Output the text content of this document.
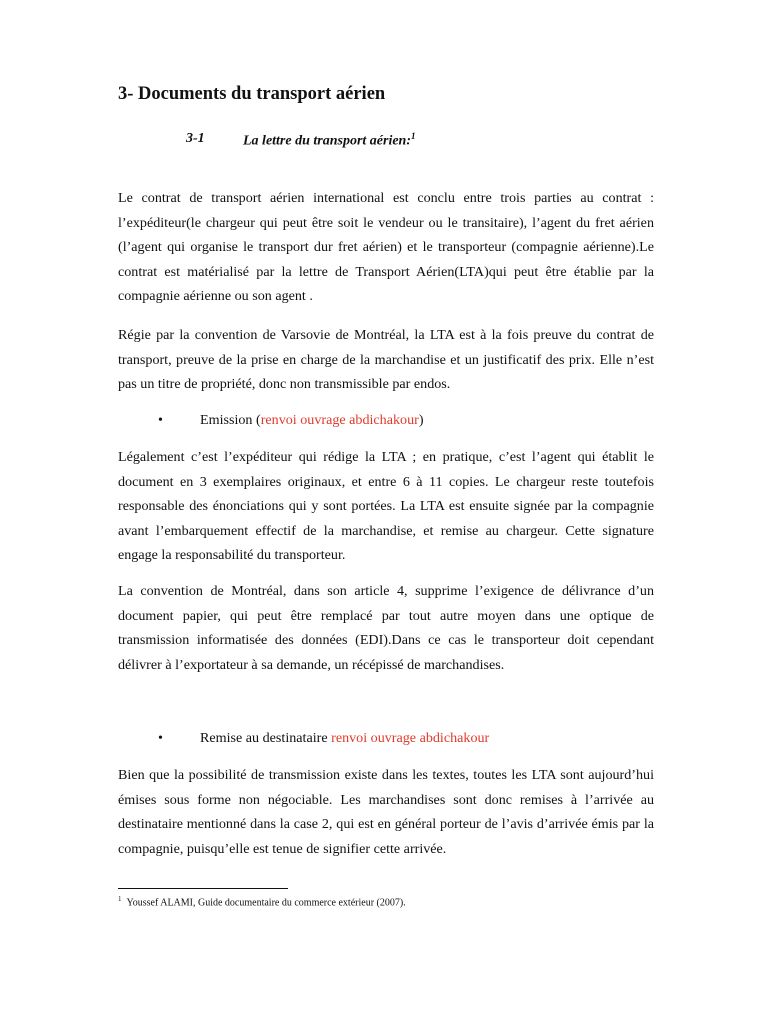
3- Documents du transport aérien

3-1	La lettre du transport aérien:$^1$

Le contrat de transport aérien international est conclu entre trois parties au contrat : l’expéditeur(le chargeur qui peut être soit le vendeur ou le transitaire), l’agent du fret aérien (l’agent qui organise le transport dur fret aérien) et le transporteur (compagnie aérienne).Le contrat est matérialisé par la lettre de Transport Aérien(LTA)qui peut être établie par la compagnie aérienne ou son agent .

Régie par la convention de Varsovie de Montréal, la LTA est à la fois preuve du contrat de transport, preuve de la prise en charge de la marchandise et un justificatif des prix. Elle n’est pas un titre de propriété, donc non transmissible par endos.

•	Emission (renvoi ouvrage abdichakour)

Légalement c’est l’expéditeur qui rédige la LTA ; en pratique, c’est l’agent qui établit le document en 3 exemplaires originaux, et entre 6 à 11 copies. Le chargeur reste toutefois responsable des énonciations qui y sont portées. La LTA est ensuite signée par la compagnie avant l’embarquement effectif de la marchandise, et remise au chargeur. Cette signature engage la responsabilité du transporteur.

La convention de Montréal, dans son article 4, supprime l’exigence de délivrance d’un document papier, qui peut être remplacé par tout autre moyen dans une optique de transmission informatisée des données (EDI).Dans ce cas le transporteur doit cependant délivrer à l’exportateur à sa demande, un récépissé de marchandises.

•	Remise au destinataire renvoi ouvrage abdichakour

Bien que la possibilité de transmission existe dans les textes, toutes les LTA sont aujourd’hui émises sous forme non négociable. Les marchandises sont donc remises à l’arrivée au destinataire mentionné dans la case 2, qui est en général porteur de l’avis d’arrivée émis par la compagnie, puisqu’elle est tenue de signifier cette arrivée.

$^1$ Youssef ALAMI, Guide documentaire du commerce extérieur (2007).
